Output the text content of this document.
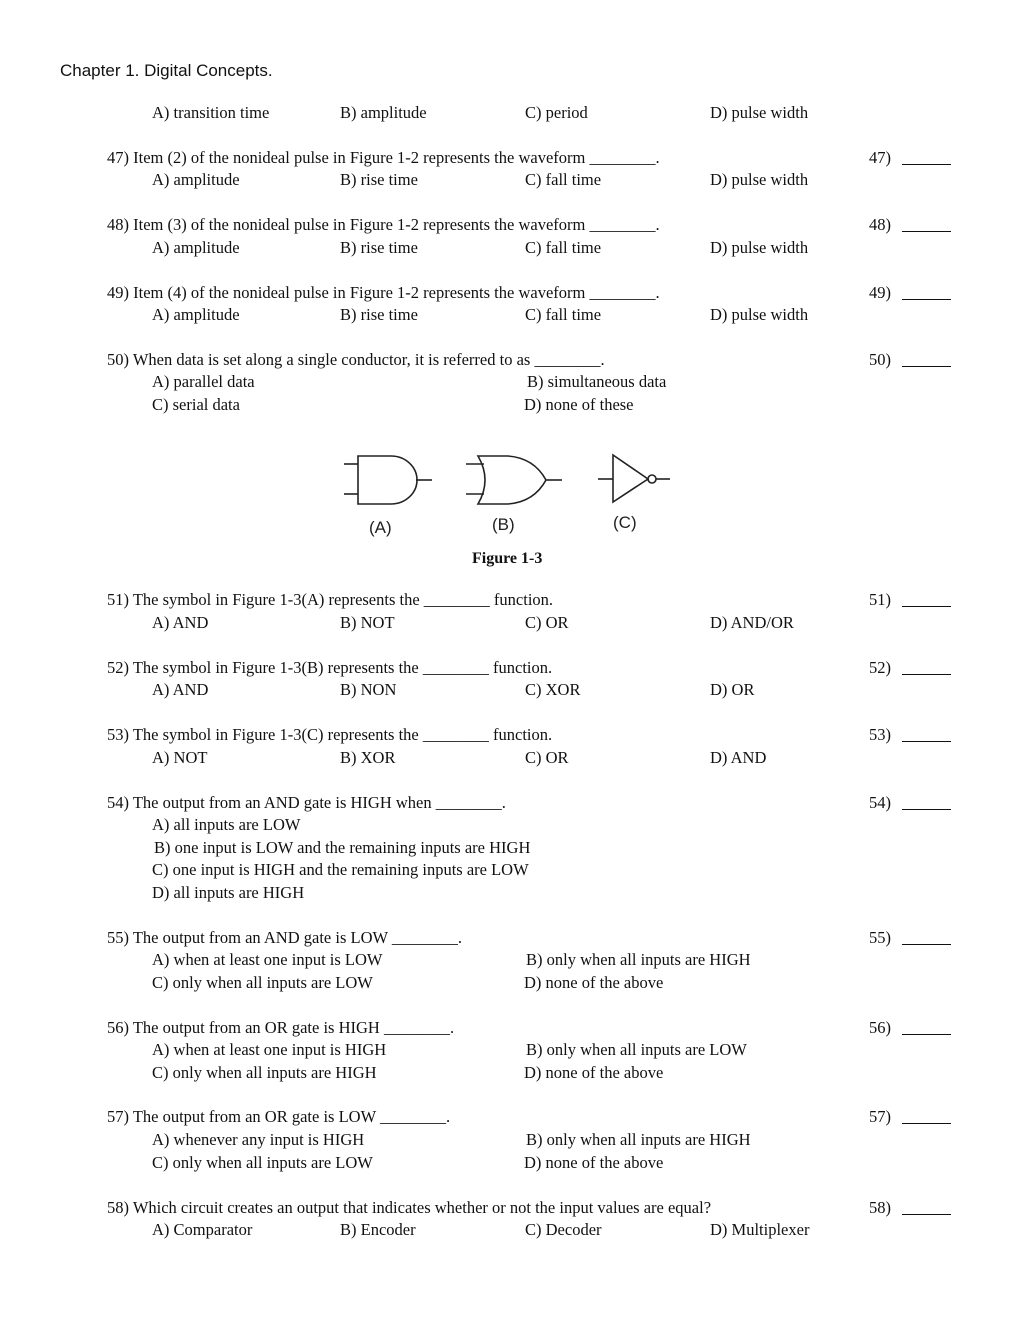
Chapter 1. Digital Concepts.
A) transition time	B) amplitude	C) period	D) pulse width
47) Item (2) of the nonideal pulse in Figure 1-2 represents the waveform ________.	47)
A) amplitude	B) rise time	C) fall time	D) pulse width
48) Item (3) of the nonideal pulse in Figure 1-2 represents the waveform ________.	48)
A) amplitude	B) rise time	C) fall time	D) pulse width
49) Item (4) of the nonideal pulse in Figure 1-2 represents the waveform ________.	49)
A) amplitude	B) rise time	C) fall time	D) pulse width
50) When data is set along a single conductor, it is referred to as ________.	50)
A) parallel data	B) simultaneous data
C) serial data	D) none of these
(A)	(B)	(C)
Figure 1-3
51) The symbol in Figure 1-3(A) represents the ________ function.	51)
A) AND	B) NOT	C) OR	D) AND/OR
52) The symbol in Figure 1-3(B) represents the ________ function.	52)
A) AND	B) NON	C) XOR	D) OR
53) The symbol in Figure 1-3(C) represents the ________ function.	53)
A) NOT	B) XOR	C) OR	D) AND
54) The output from an AND gate is HIGH when ________.	54)
A) all inputs are LOW
B) one input is LOW and the remaining inputs are HIGH
C) one input is HIGH and the remaining inputs are LOW
D) all inputs are HIGH
55) The output from an AND gate is LOW ________.	55)
A) when at least one input is LOW	B) only when all inputs are HIGH
C) only when all inputs are LOW	D) none of the above
56) The output from an OR gate is HIGH ________.	56)
A) when at least one input is HIGH	B) only when all inputs are LOW
C) only when all inputs are HIGH	D) none of the above
57) The output from an OR gate is LOW ________.	57)
A) whenever any input is HIGH	B) only when all inputs are HIGH
C) only when all inputs are LOW	D) none of the above
58) Which circuit creates an output that indicates whether or not the input values are equal?	58)
A) Comparator	B) Encoder	C) Decoder	D) Multiplexer
